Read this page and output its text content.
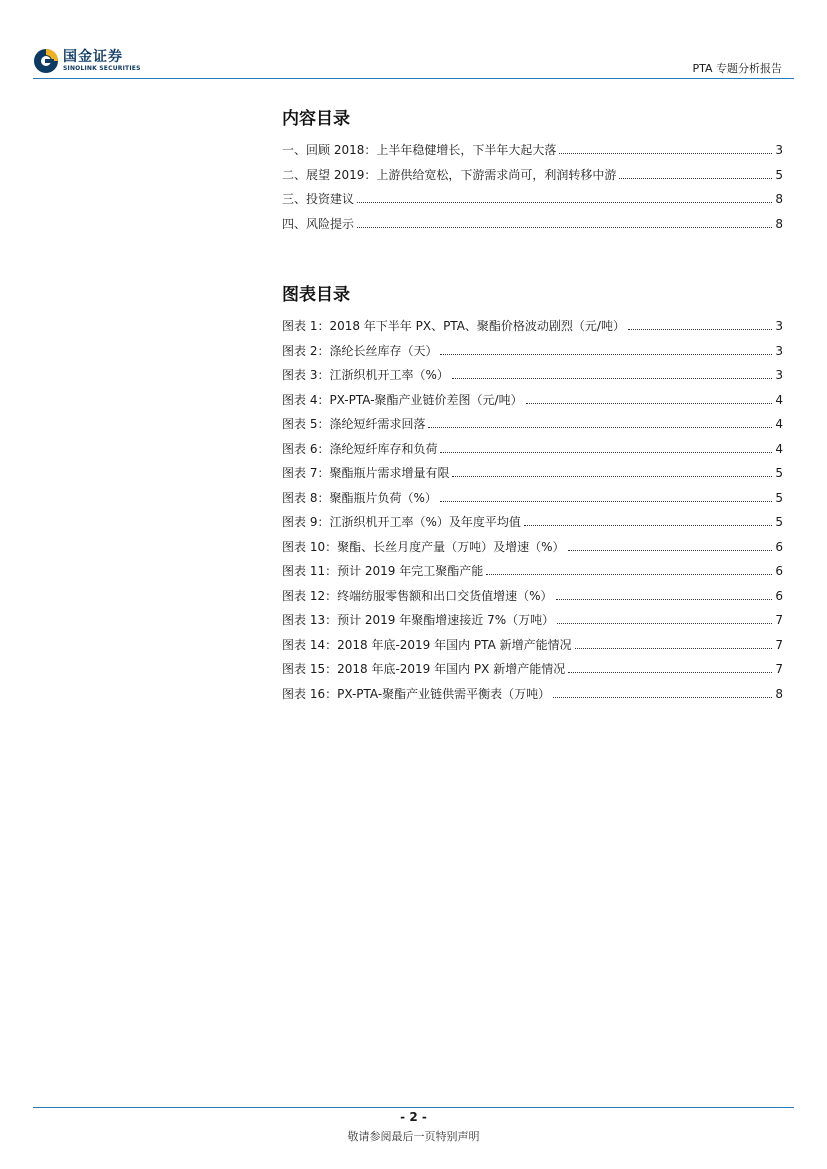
国金证券
SINOLINK SECURITIES	PTA 专题分析报告
内容目录
一、回顾 2018：上半年稳健增长，下半年大起大落	3
二、展望 2019：上游供给宽松，下游需求尚可，利润转移中游	5
三、投资建议	8
四、风险提示	8
图表目录
图表 1：2018 年下半年 PX、PTA、聚酯价格波动剧烈（元/吨）	3
图表 2：涤纶长丝库存（天）	3
图表 3：江浙织机开工率（%）	3
图表 4：PX-PTA-聚酯产业链价差图（元/吨）	4
图表 5：涤纶短纤需求回落	4
图表 6：涤纶短纤库存和负荷	4
图表 7：聚酯瓶片需求增量有限	5
图表 8：聚酯瓶片负荷（%）	5
图表 9：江浙织机开工率（%）及年度平均值	5
图表 10：聚酯、长丝月度产量（万吨）及增速（%）	6
图表 11：预计 2019 年完工聚酯产能	6
图表 12：终端纺服零售额和出口交货值增速（%）	6
图表 13：预计 2019 年聚酯增速接近 7%（万吨）	7
图表 14：2018 年底-2019 年国内 PTA 新增产能情况	7
图表 15：2018 年底-2019 年国内 PX 新增产能情况	7
图表 16：PX-PTA-聚酯产业链供需平衡表（万吨）	8
- 2 -
敬请参阅最后一页特别声明
